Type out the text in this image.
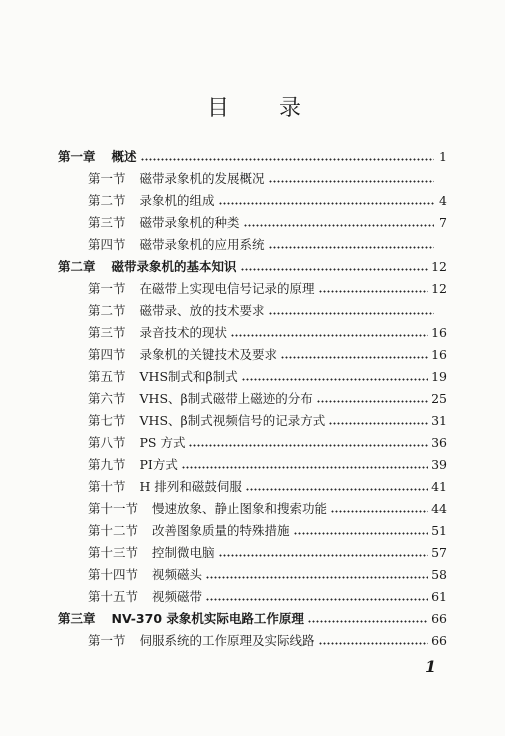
目录
第一章 概述	1
第一节 磁带录象机的发展概况
第二节 录象机的组成	4
第三节 磁带录象机的种类	7
第四节 磁带录象机的应用系统
第二章 磁带录象机的基本知识	12
第一节 在磁带上实现电信号记录的原理	12
第二节 磁带录、放的技术要求
第三节 录音技术的现状	16
第四节 录象机的关键技术及要求	16
第五节 VHS制式和β制式	19
第六节 VHS、β制式磁带上磁迹的分布	25
第七节 VHS、β制式视频信号的记录方式	31
第八节 PS 方式	36
第九节 PI方式	39
第十节 H 排列和磁鼓伺服	41
第十一节 慢速放象、静止图象和搜索功能	44
第十二节 改善图象质量的特殊措施	51
第十三节 控制微电脑	57
第十四节 视频磁头	58
第十五节 视频磁带	61
第三章 NV-370 录象机实际电路工作原理	66
第一节 伺服系统的工作原理及实际线路	66
1
